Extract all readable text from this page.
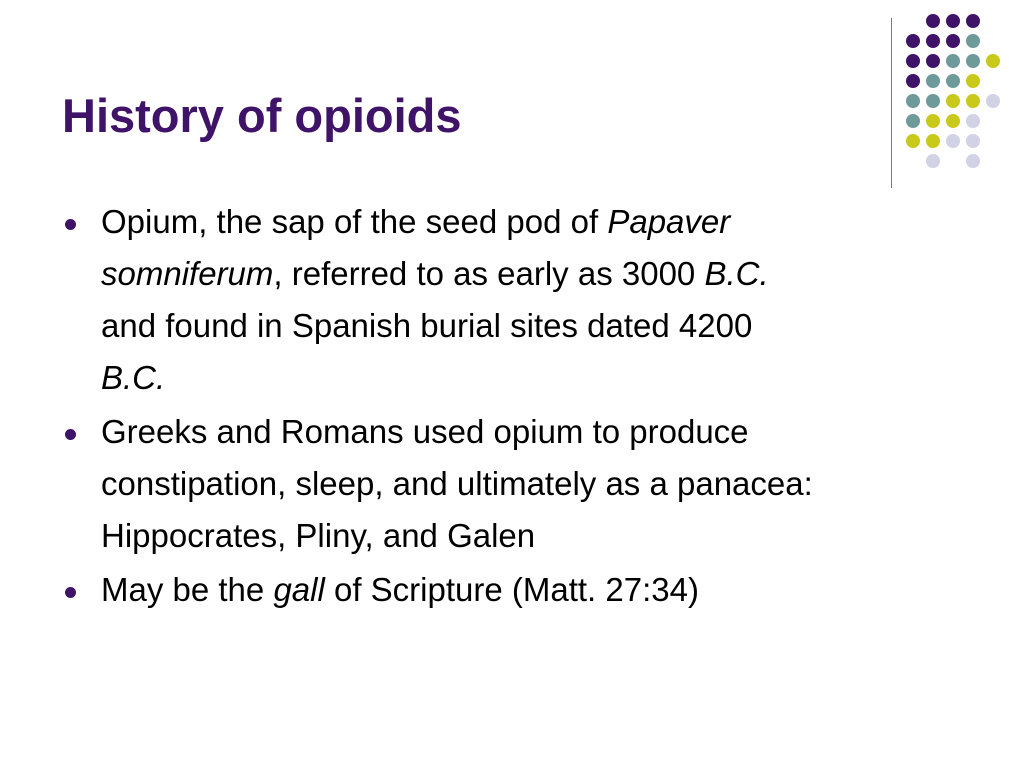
History of opioids
Opium, the sap of the seed pod of Papaver somniferum, referred to as early as 3000 B.C. and found in Spanish burial sites dated 4200 B.C.
Greeks and Romans used opium to produce constipation, sleep, and ultimately as a panacea: Hippocrates, Pliny, and Galen
May be the gall of Scripture (Matt. 27:34)
